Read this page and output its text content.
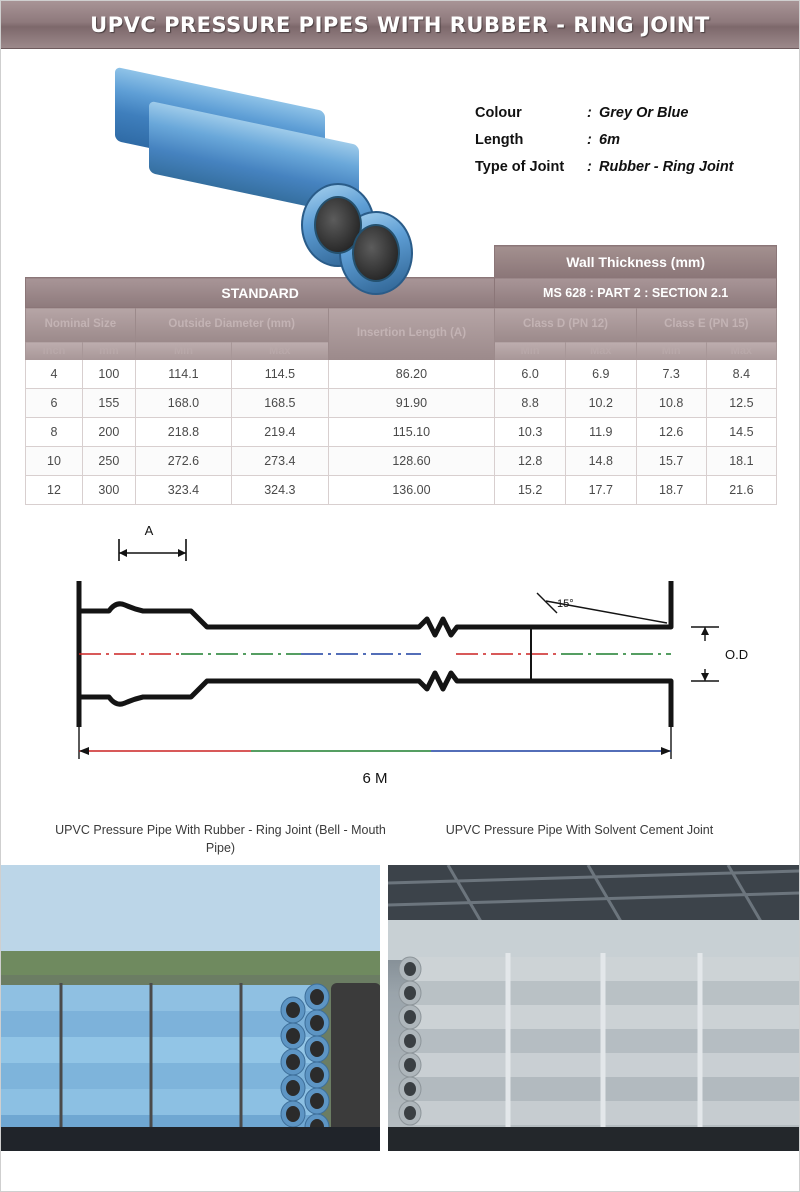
UPVC PRESSURE PIPES WITH RUBBER - RING JOINT
Colour	: Grey Or Blue
Length	: 6m
Type of Joint	: Rubber - Ring Joint
					Wall Thickness (mm)			
STANDARD					MS 628 : PART 2 : SECTION 2.1			
Nominal Size		Outside Diameter (mm)		Insertion Length (A)	Class D (PN 12)		Class E (PN 15)	
inch	mm	Min	Max		Min	Max	Min	Max
4	100	114.1	114.5	86.20	6.0	6.9	7.3	8.4
6	155	168.0	168.5	91.90	8.8	10.2	10.8	12.5
8	200	218.8	219.4	115.10	10.3	11.9	12.6	14.5
10	250	272.6	273.4	128.60	12.8	14.8	15.7	18.1
12	300	323.4	324.3	136.00	15.2	17.7	18.7	21.6
A
15°
O.D
6 M
UPVC Pressure Pipe With Rubber - Ring Joint (Bell - Mouth Pipe)
UPVC Pressure Pipe With Solvent Cement Joint
